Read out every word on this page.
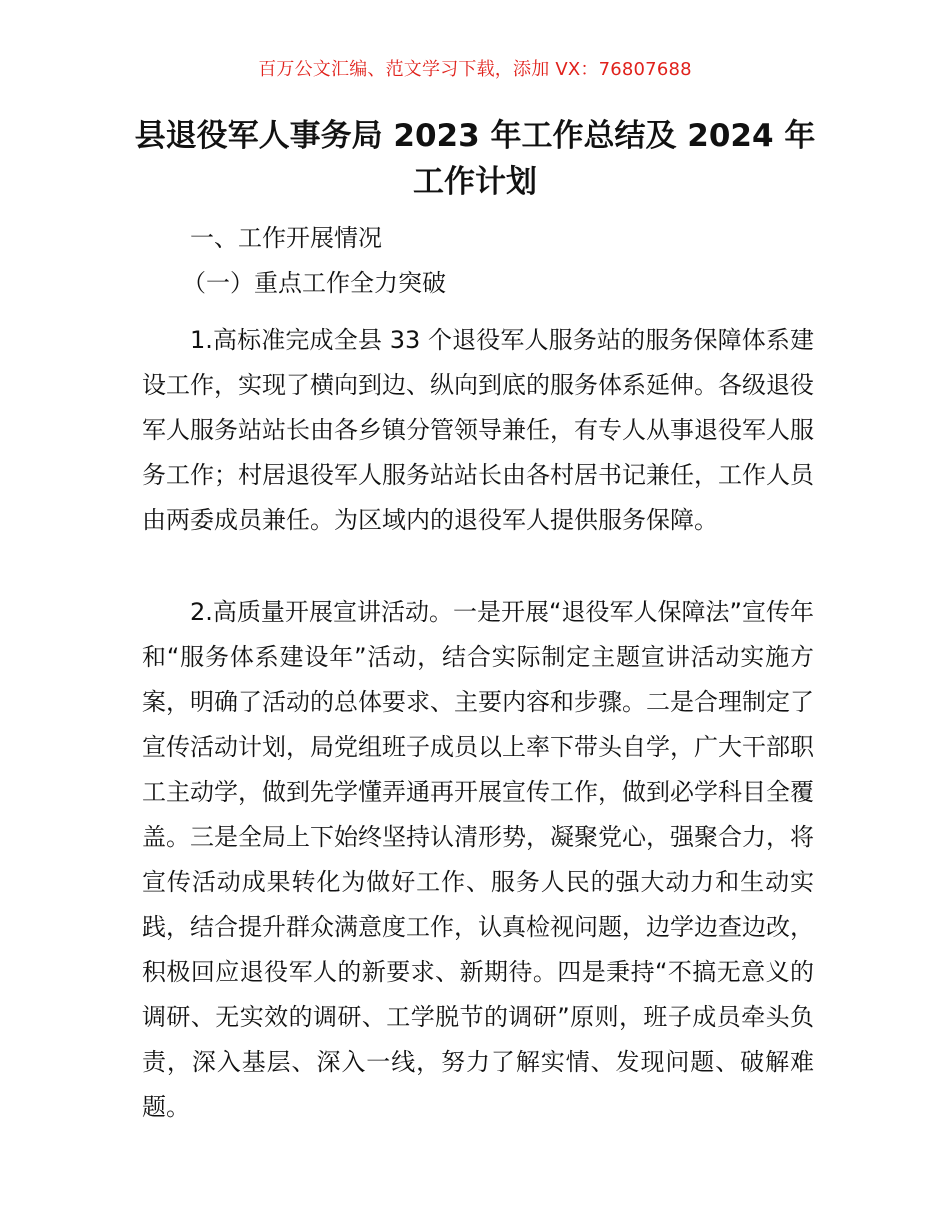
百万公文汇编、范文学习下载，添加 VX：76807688
县退役军人事务局 2023 年工作总结及 2024 年工作计划

一、工作开展情况

（一）重点工作全力突破

1.高标准完成全县 33 个退役军人服务站的服务保障体系建设工作，实现了横向到边、纵向到底的服务体系延伸。各级退役军人服务站站长由各乡镇分管领导兼任，有专人从事退役军人服务工作；村居退役军人服务站站长由各村居书记兼任，工作人员由两委成员兼任。为区域内的退役军人提供服务保障。

2.高质量开展宣讲活动。一是开展“退役军人保障法”宣传年和“服务体系建设年”活动，结合实际制定主题宣讲活动实施方案，明确了活动的总体要求、主要内容和步骤。二是合理制定了宣传活动计划，局党组班子成员以上率下带头自学，广大干部职工主动学，做到先学懂弄通再开展宣传工作，做到必学科目全覆盖。三是全局上下始终坚持认清形势，凝聚党心，强聚合力，将宣传活动成果转化为做好工作、服务人民的强大动力和生动实践，结合提升群众满意度工作，认真检视问题，边学边查边改，积极回应退役军人的新要求、新期待。四是秉持“不搞无意义的调研、无实效的调研、工学脱节的调研”原则，班子成员牵头负责，深入基层、深入一线，努力了解实情、发现问题、破解难题。
